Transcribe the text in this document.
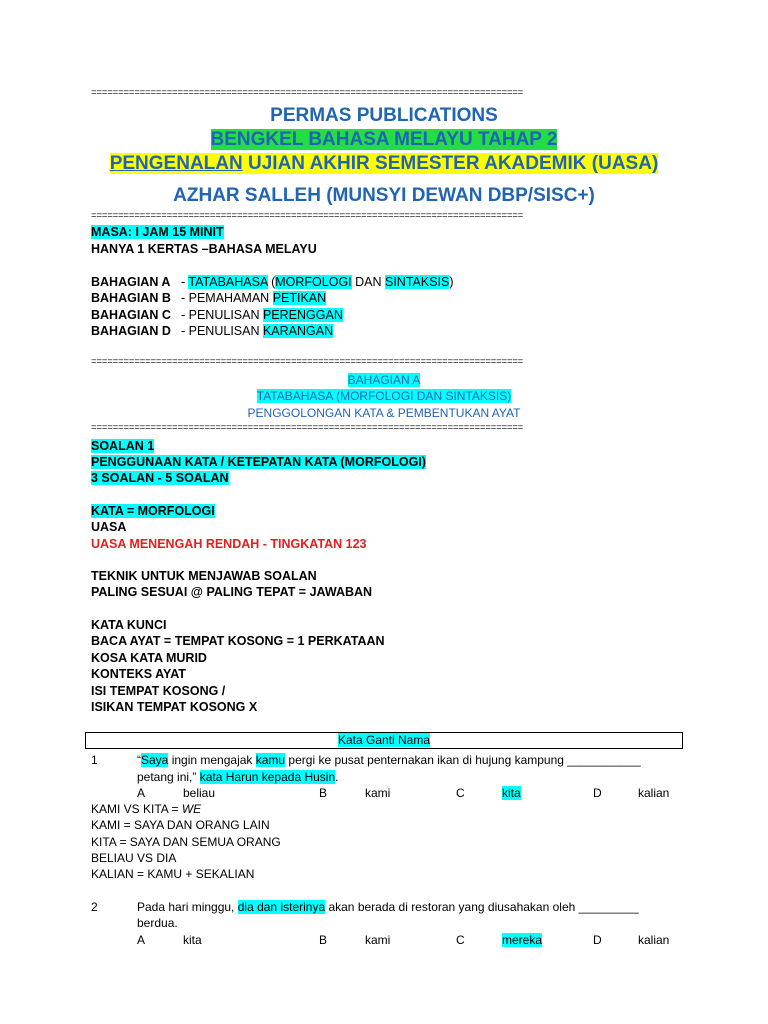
================================================================================
PERMAS PUBLICATIONS
BENGKEL BAHASA MELAYU TAHAP 2
PENGENALAN UJIAN AKHIR SEMESTER AKADEMIK (UASA)
AZHAR SALLEH (MUNSYI DEWAN DBP/SISC+)
================================================================================
MASA: I JAM 15 MINIT
HANYA 1 KERTAS –BAHASA MELAYU
BAHAGIAN A - TATABAHASA (MORFOLOGI DAN SINTAKSIS)
BAHAGIAN B - PEMAHAMAN PETIKAN
BAHAGIAN C - PENULISAN PERENGGAN
BAHAGIAN D - PENULISAN KARANGAN
================================================================================
BAHAGIAN A
TATABAHASA (MORFOLOGI DAN SINTAKSIS)
PENGGOLONGAN KATA & PEMBENTUKAN AYAT
================================================================================
SOALAN 1
PENGGUNAAN KATA / KETEPATAN KATA (MORFOLOGI)
3 SOALAN - 5 SOALAN
KATA = MORFOLOGI
UASA
UASA MENENGAH RENDAH - TINGKATAN 123
TEKNIK UNTUK MENJAWAB SOALAN
PALING SESUAI @ PALING TEPAT = JAWABAN
KATA KUNCI
BACA AYAT = TEMPAT KOSONG = 1 PERKATAAN
KOSA KATA MURID
KONTEKS AYAT
ISI TEMPAT KOSONG /
ISIKAN TEMPAT KOSONG X
Kata Ganti Nama
1	“Saya ingin mengajak kamu pergi ke pusat penternakan ikan di hujung kampung ___________
petang ini,” kata Harun kepada Husin.
A	beliau	B	kami	C	kita	D	kalian
KAMI VS KITA = WE
KAMI = SAYA DAN ORANG LAIN
KITA = SAYA DAN SEMUA ORANG
BELIAU VS DIA
KALIAN = KAMU + SEKALIAN
2	Pada hari minggu, dia dan isterinya akan berada di restoran yang diusahakan oleh _________
berdua.
A	kita	B	kami	C	mereka	D	kalian
